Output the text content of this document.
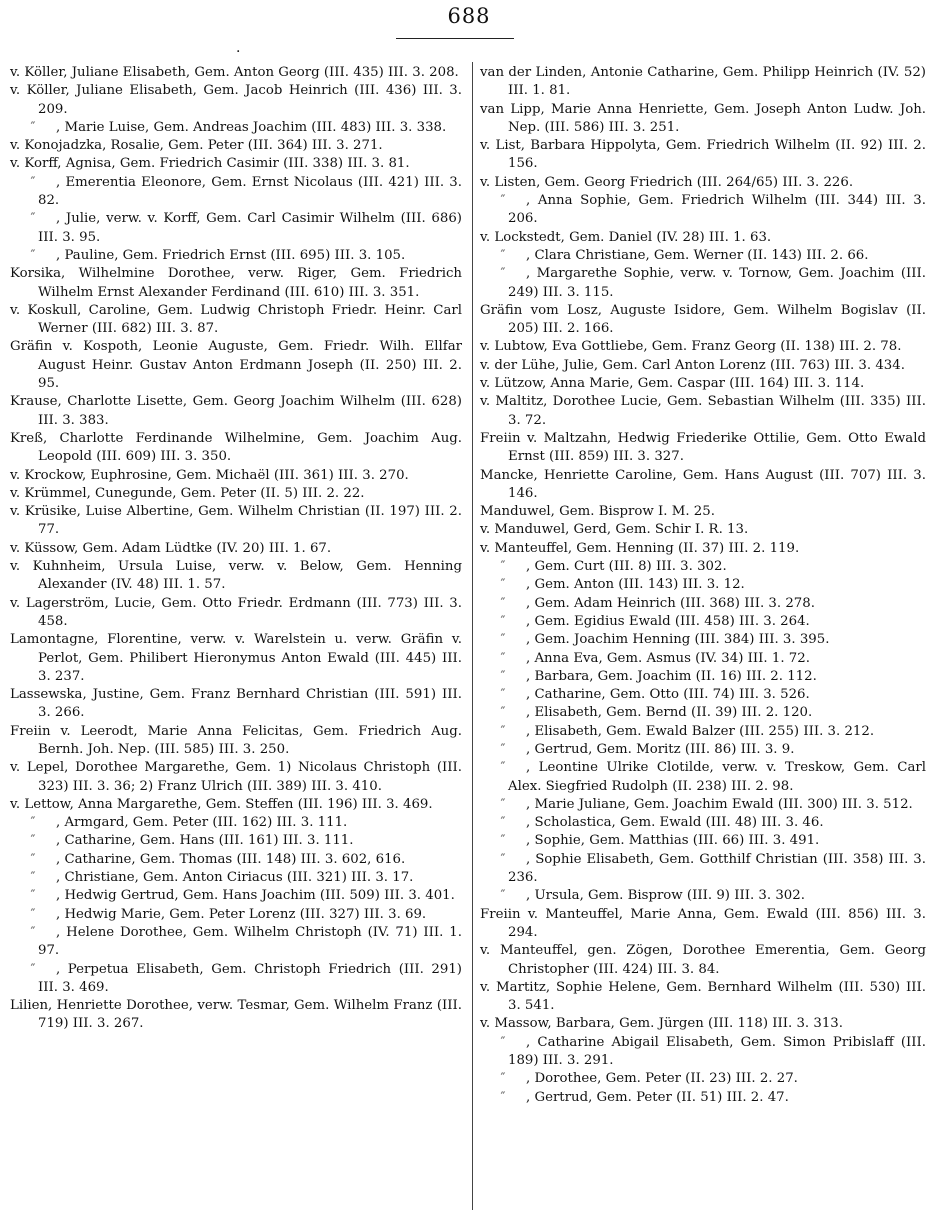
688
·
v. Köller, Juliane Elisabeth, Gem. Anton Georg (III. 435) III. 3. 208.
v. Köller, Juliane Elisabeth, Gem. Jacob Heinrich (III. 436) III. 3. 209.
″ , Marie Luise, Gem. Andreas Joachim (III. 483) III. 3. 338.
v. Konojadzka, Rosalie, Gem. Peter (III. 364) III. 3. 271.
v. Korff, Agnisa, Gem. Friedrich Casimir (III. 338) III. 3. 81.
″ , Emerentia Eleonore, Gem. Ernst Nicolaus (III. 421) III. 3. 82.
″ , Julie, verw. v. Korff, Gem. Carl Casimir Wilhelm (III. 686) III. 3. 95.
″ , Pauline, Gem. Friedrich Ernst (III. 695) III. 3. 105.
Korsika, Wilhelmine Dorothee, verw. Riger, Gem. Friedrich Wilhelm Ernst Alexander Ferdinand (III. 610) III. 3. 351.
v. Koskull, Caroline, Gem. Ludwig Christoph Friedr. Heinr. Carl Werner (III. 682) III. 3. 87.
Gräfin v. Kospoth, Leonie Auguste, Gem. Friedr. Wilh. Ellfar August Heinr. Gustav Anton Erdmann Joseph (II. 250) III. 2. 95.
Krause, Charlotte Lisette, Gem. Georg Joachim Wilhelm (III. 628) III. 3. 383.
Kreß, Charlotte Ferdinande Wilhelmine, Gem. Joachim Aug. Leopold (III. 609) III. 3. 350.
v. Krockow, Euphrosine, Gem. Michaël (III. 361) III. 3. 270.
v. Krümmel, Cunegunde, Gem. Peter (II. 5) III. 2. 22.
v. Krüsike, Luise Albertine, Gem. Wilhelm Christian (II. 197) III. 2. 77.
v. Küssow, Gem. Adam Lüdtke (IV. 20) III. 1. 67.
v. Kuhnheim, Ursula Luise, verw. v. Below, Gem. Henning Alexander (IV. 48) III. 1. 57.
v. Lagerström, Lucie, Gem. Otto Friedr. Erdmann (III. 773) III. 3. 458.
Lamontagne, Florentine, verw. v. Warelstein u. verw. Gräfin v. Perlot, Gem. Philibert Hieronymus Anton Ewald (III. 445) III. 3. 237.
Lassewska, Justine, Gem. Franz Bernhard Christian (III. 591) III. 3. 266.
Freiin v. Leerodt, Marie Anna Felicitas, Gem. Friedrich Aug. Bernh. Joh. Nep. (III. 585) III. 3. 250.
v. Lepel, Dorothee Margarethe, Gem. 1) Nicolaus Christoph (III. 323) III. 3. 36; 2) Franz Ulrich (III. 389) III. 3. 410.
v. Lettow, Anna Margarethe, Gem. Steffen (III. 196) III. 3. 469.
″ , Armgard, Gem. Peter (III. 162) III. 3. 111.
″ , Catharine, Gem. Hans (III. 161) III. 3. 111.
″ , Catharine, Gem. Thomas (III. 148) III. 3. 602, 616.
″ , Christiane, Gem. Anton Ciriacus (III. 321) III. 3. 17.
″ , Hedwig Gertrud, Gem. Hans Joachim (III. 509) III. 3. 401.
″ , Hedwig Marie, Gem. Peter Lorenz (III. 327) III. 3. 69.
″ , Helene Dorothee, Gem. Wilhelm Christoph (IV. 71) III. 1. 97.
″ , Perpetua Elisabeth, Gem. Christoph Friedrich (III. 291) III. 3. 469.
Lilien, Henriette Dorothee, verw. Tesmar, Gem. Wilhelm Franz (III. 719) III. 3. 267.
van der Linden, Antonie Catharine, Gem. Philipp Heinrich (IV. 52) III. 1. 81.
van Lipp, Marie Anna Henriette, Gem. Joseph Anton Ludw. Joh. Nep. (III. 586) III. 3. 251.
v. List, Barbara Hippolyta, Gem. Friedrich Wilhelm (II. 92) III. 2. 156.
v. Listen, Gem. Georg Friedrich (III. 264/65) III. 3. 226.
″ , Anna Sophie, Gem. Friedrich Wilhelm (III. 344) III. 3. 206.
v. Lockstedt, Gem. Daniel (IV. 28) III. 1. 63.
″ , Clara Christiane, Gem. Werner (II. 143) III. 2. 66.
″ , Margarethe Sophie, verw. v. Tornow, Gem. Joachim (III. 249) III. 3. 115.
Gräfin vom Losz, Auguste Isidore, Gem. Wilhelm Bogislav (II. 205) III. 2. 166.
v. Lubtow, Eva Gottliebe, Gem. Franz Georg (II. 138) III. 2. 78.
v. der Lühe, Julie, Gem. Carl Anton Lorenz (III. 763) III. 3. 434.
v. Lützow, Anna Marie, Gem. Caspar (III. 164) III. 3. 114.
v. Maltitz, Dorothee Lucie, Gem. Sebastian Wilhelm (III. 335) III. 3. 72.
Freiin v. Maltzahn, Hedwig Friederike Ottilie, Gem. Otto Ewald Ernst (III. 859) III. 3. 327.
Mancke, Henriette Caroline, Gem. Hans August (III. 707) III. 3. 146.
Manduwel, Gem. Bisprow I. M. 25.
v. Manduwel, Gerd, Gem. Schir I. R. 13.
v. Manteuffel, Gem. Henning (II. 37) III. 2. 119.
″ , Gem. Curt (III. 8) III. 3. 302.
″ , Gem. Anton (III. 143) III. 3. 12.
″ , Gem. Adam Heinrich (III. 368) III. 3. 278.
″ , Gem. Egidius Ewald (III. 458) III. 3. 264.
″ , Gem. Joachim Henning (III. 384) III. 3. 395.
″ , Anna Eva, Gem. Asmus (IV. 34) III. 1. 72.
″ , Barbara, Gem. Joachim (II. 16) III. 2. 112.
″ , Catharine, Gem. Otto (III. 74) III. 3. 526.
″ , Elisabeth, Gem. Bernd (II. 39) III. 2. 120.
″ , Elisabeth, Gem. Ewald Balzer (III. 255) III. 3. 212.
″ , Gertrud, Gem. Moritz (III. 86) III. 3. 9.
″ , Leontine Ulrike Clotilde, verw. v. Treskow, Gem. Carl Alex. Siegfried Rudolph (II. 238) III. 2. 98.
″ , Marie Juliane, Gem. Joachim Ewald (III. 300) III. 3. 512.
″ , Scholastica, Gem. Ewald (III. 48) III. 3. 46.
″ , Sophie, Gem. Matthias (III. 66) III. 3. 491.
″ , Sophie Elisabeth, Gem. Gotthilf Christian (III. 358) III. 3. 236.
″ , Ursula, Gem. Bisprow (III. 9) III. 3. 302.
Freiin v. Manteuffel, Marie Anna, Gem. Ewald (III. 856) III. 3. 294.
v. Manteuffel, gen. Zögen, Dorothee Emerentia, Gem. Georg Christopher (III. 424) III. 3. 84.
v. Martitz, Sophie Helene, Gem. Bernhard Wilhelm (III. 530) III. 3. 541.
v. Massow, Barbara, Gem. Jürgen (III. 118) III. 3. 313.
″ , Catharine Abigail Elisabeth, Gem. Simon Pribislaff (III. 189) III. 3. 291.
″ , Dorothee, Gem. Peter (II. 23) III. 2. 27.
″ , Gertrud, Gem. Peter (II. 51) III. 2. 47.
